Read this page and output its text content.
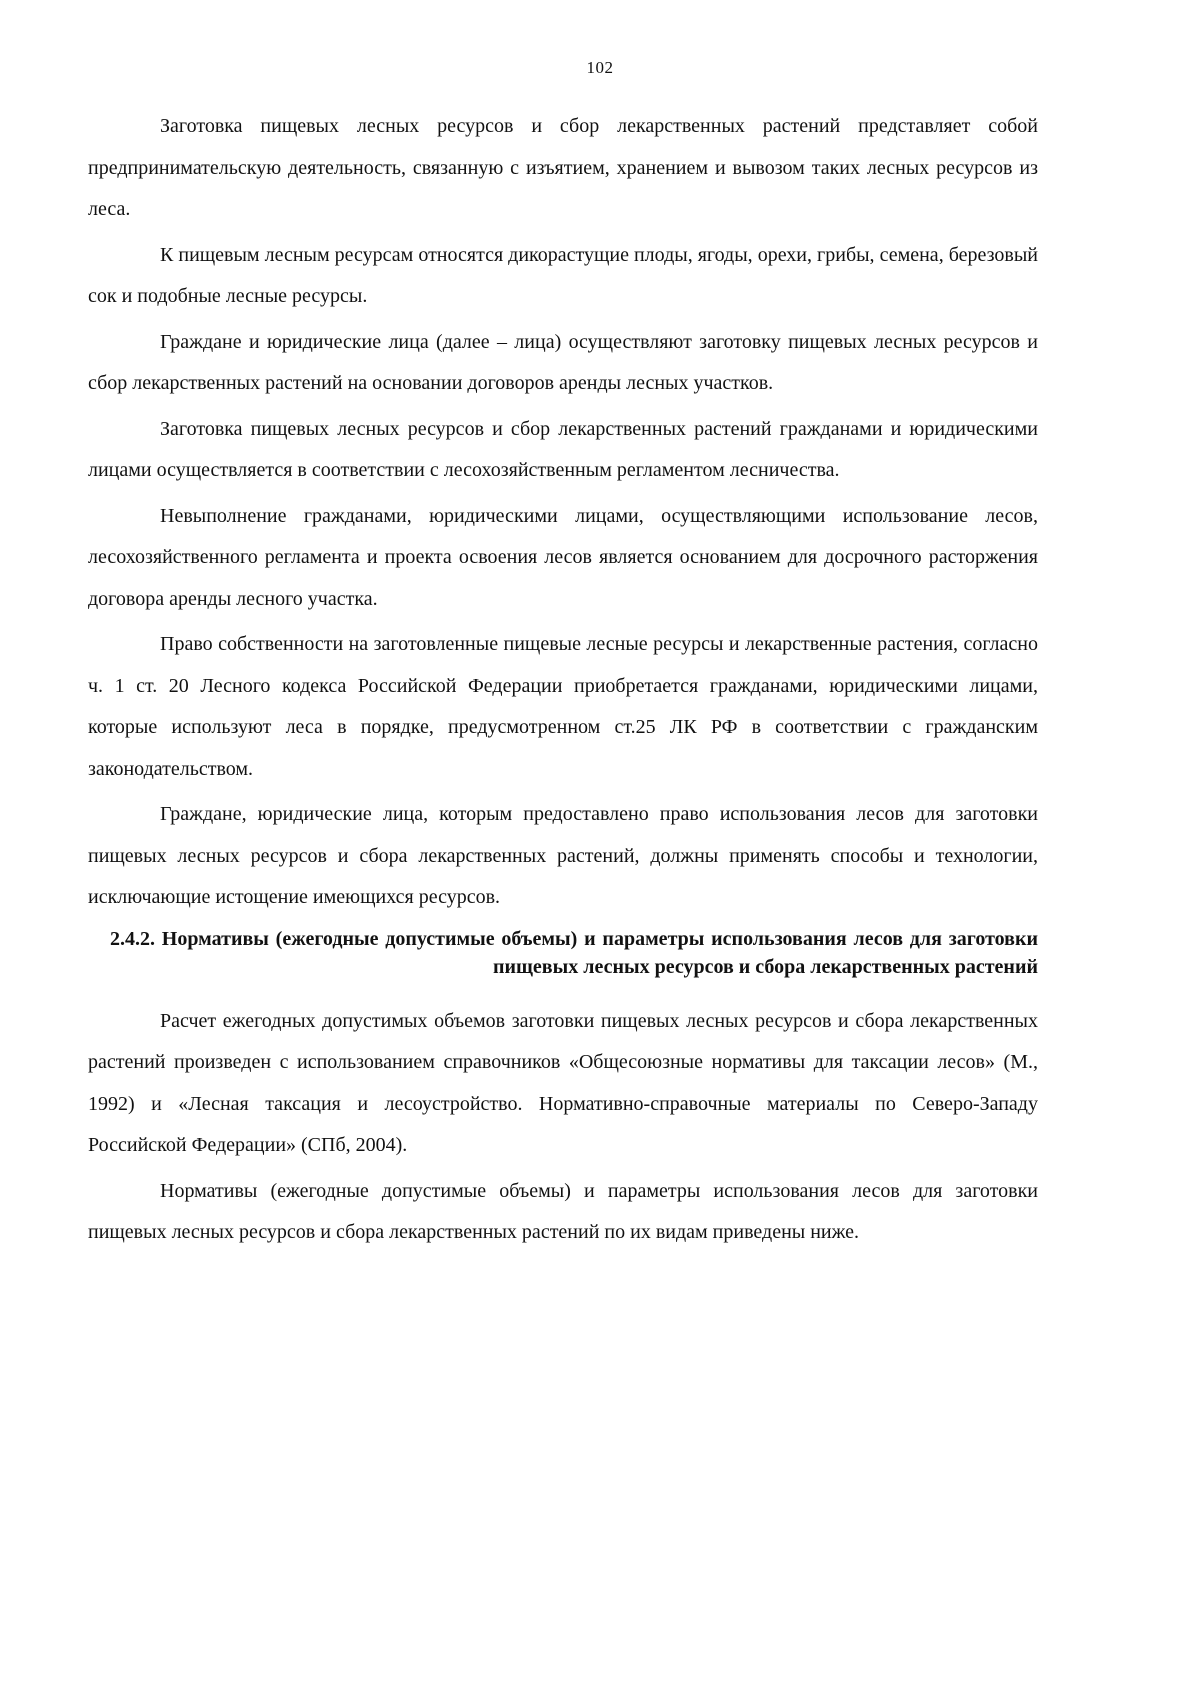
102

Заготовка пищевых лесных ресурсов и сбор лекарственных растений представляет собой предпринимательскую деятельность, связанную с изъятием, хранением и вывозом таких лесных ресурсов из леса.

К пищевым лесным ресурсам относятся дикорастущие плоды, ягоды, орехи, грибы, семена, березовый сок и подобные лесные ресурсы.

Граждане и юридические лица (далее – лица) осуществляют заготовку пищевых лесных ресурсов и сбор лекарственных растений на основании договоров аренды лесных участков.

Заготовка пищевых лесных ресурсов и сбор лекарственных растений гражданами и юридическими лицами осуществляется в соответствии с лесохозяйственным регламентом лесничества.

Невыполнение гражданами, юридическими лицами, осуществляющими использование лесов, лесохозяйственного регламента и проекта освоения лесов является основанием для досрочного расторжения договора аренды лесного участка.

Право собственности на заготовленные пищевые лесные ресурсы и лекарственные растения, согласно ч. 1 ст. 20 Лесного кодекса Российской Федерации приобретается гражданами, юридическими лицами, которые используют леса в порядке, предусмотренном ст.25 ЛК РФ в соответствии с гражданским законодательством.

Граждане, юридические лица, которым предоставлено право использования лесов для заготовки пищевых лесных ресурсов и сбора лекарственных растений, должны применять способы и технологии, исключающие истощение имеющихся ресурсов.

2.4.2. Нормативы (ежегодные допустимые объемы) и параметры использования лесов для заготовки пищевых лесных ресурсов и сбора лекарственных растений

Расчет ежегодных допустимых объемов заготовки пищевых лесных ресурсов и сбора лекарственных растений произведен с использованием справочников «Общесоюзные нормативы для таксации лесов» (М., 1992) и «Лесная таксация и лесоустройство. Нормативно-справочные материалы по Северо-Западу Российской Федерации» (СПб, 2004).

Нормативы (ежегодные допустимые объемы) и параметры использования лесов для заготовки пищевых лесных ресурсов и сбора лекарственных растений по их видам приведены ниже.
